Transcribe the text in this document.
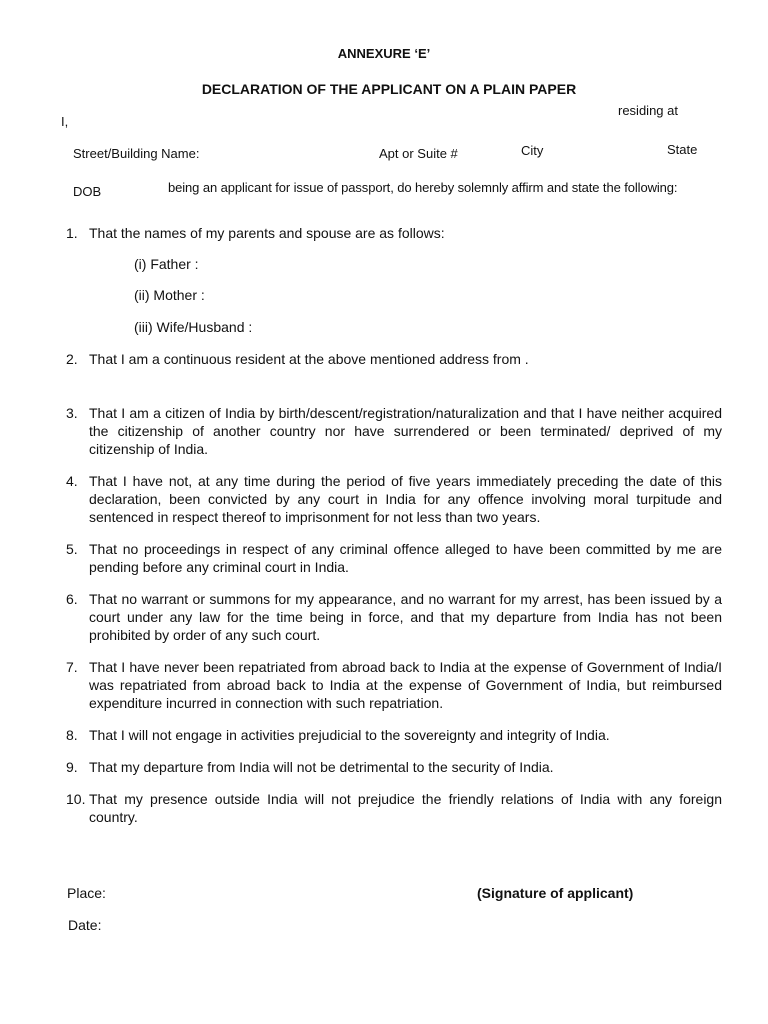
ANNEXURE ‘E’
DECLARATION OF THE APPLICANT ON A PLAIN PAPER
residing at
I,
Street/Building Name:	Apt or Suite #	City	State
DOB	being an applicant for issue of passport, do hereby solemnly affirm and state the following:
1. That the names of my parents and spouse are as follows:
2. That I am a continuous resident at the above mentioned address from .
3. That I am a citizen of India by birth/descent/registration/naturalization and that I have neither acquired the citizenship of another country nor have surrendered or been terminated/ deprived of my citizenship of India.
4. That I have not, at any time during the period of five years immediately preceding the date of this declaration, been convicted by any court in India for any offence involving moral turpitude and sentenced in respect thereof to imprisonment for not less than two years.
5. That no proceedings in respect of any criminal offence alleged to have been committed by me are pending before any criminal court in India.
6. That no warrant or summons for my appearance, and no warrant for my arrest, has been issued by a court under any law for the time being in force, and that my departure from India has not been prohibited by order of any such court.
7. That I have never been repatriated from abroad back to India at the expense of Government of India/I was repatriated from abroad back to India at the expense of Government of India, but reimbursed expenditure incurred in connection with such repatriation.
8. That I will not engage in activities prejudicial to the sovereignty and integrity of India.
9. That my departure from India will not be detrimental to the security of India.
10. That my presence outside India will not prejudice the friendly relations of India with any foreign country.
(i) Father :
(ii) Mother :
(iii) Wife/Husband :
Place:	(Signature of applicant)
Date:
